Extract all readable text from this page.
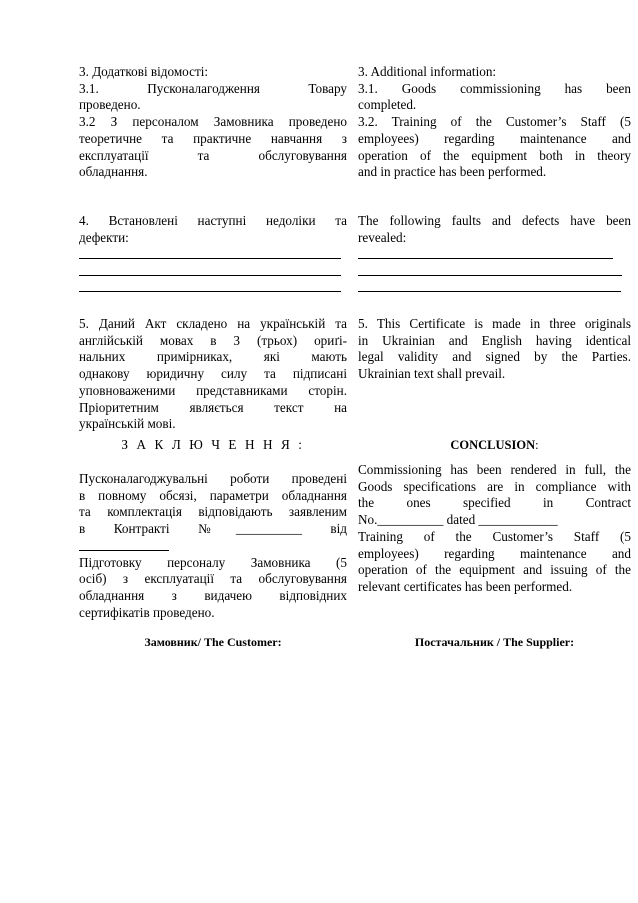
3. Додаткові відомості:
3.1. Пусконалагодження Товару
проведено.
3.2 З персоналом Замовника проведено
теоретичне та практичне навчання з
експлуатації та обслуговування
обладнання.
3. Additional information:
3.1. Goods commissioning has been
completed.
3.2. Training of the Customer’s Staff (5
employees) regarding maintenance and
operation of the equipment both in theory
and in practice has been performed.
4. Встановлені наступні недоліки та
дефекти:
The following faults and defects have been
revealed:
5. Даний Акт складено на українській та
англійській мовах в 3 (трьох) ориґі-
нальних примірниках, які мають
однакову юридичну силу та підписані
уповноваженими представниками сторін.
Пріоритетним являється текст на
українській мові.
5. This Certificate is made in three originals
in Ukrainian and English having identical
legal validity and signed by the Parties.
Ukrainian text shall prevail.
З А К Л Ю Ч Е Н Н Я :	CONCLUSION:
Пусконалагоджувальні роботи проведені
в повному обсязі, параметри обладнання
та комплектація відповідають заявленим
в Контракті №__________ від
Підготовку персоналу Замовника (5
осіб) з експлуатації та обслуговування
обладнання з видачею відповідних
сертифікатів проведено.
Commissioning has been rendered in full, the
Goods specifications are in compliance with
the ones specified in Contract
No.__________ dated ____________
Training of the Customer’s Staff (5
employees) regarding maintenance and
operation of the equipment and issuing of the
relevant certificates has been performed.
Замовник/ The Customer:	Постачальник / The Supplier:
